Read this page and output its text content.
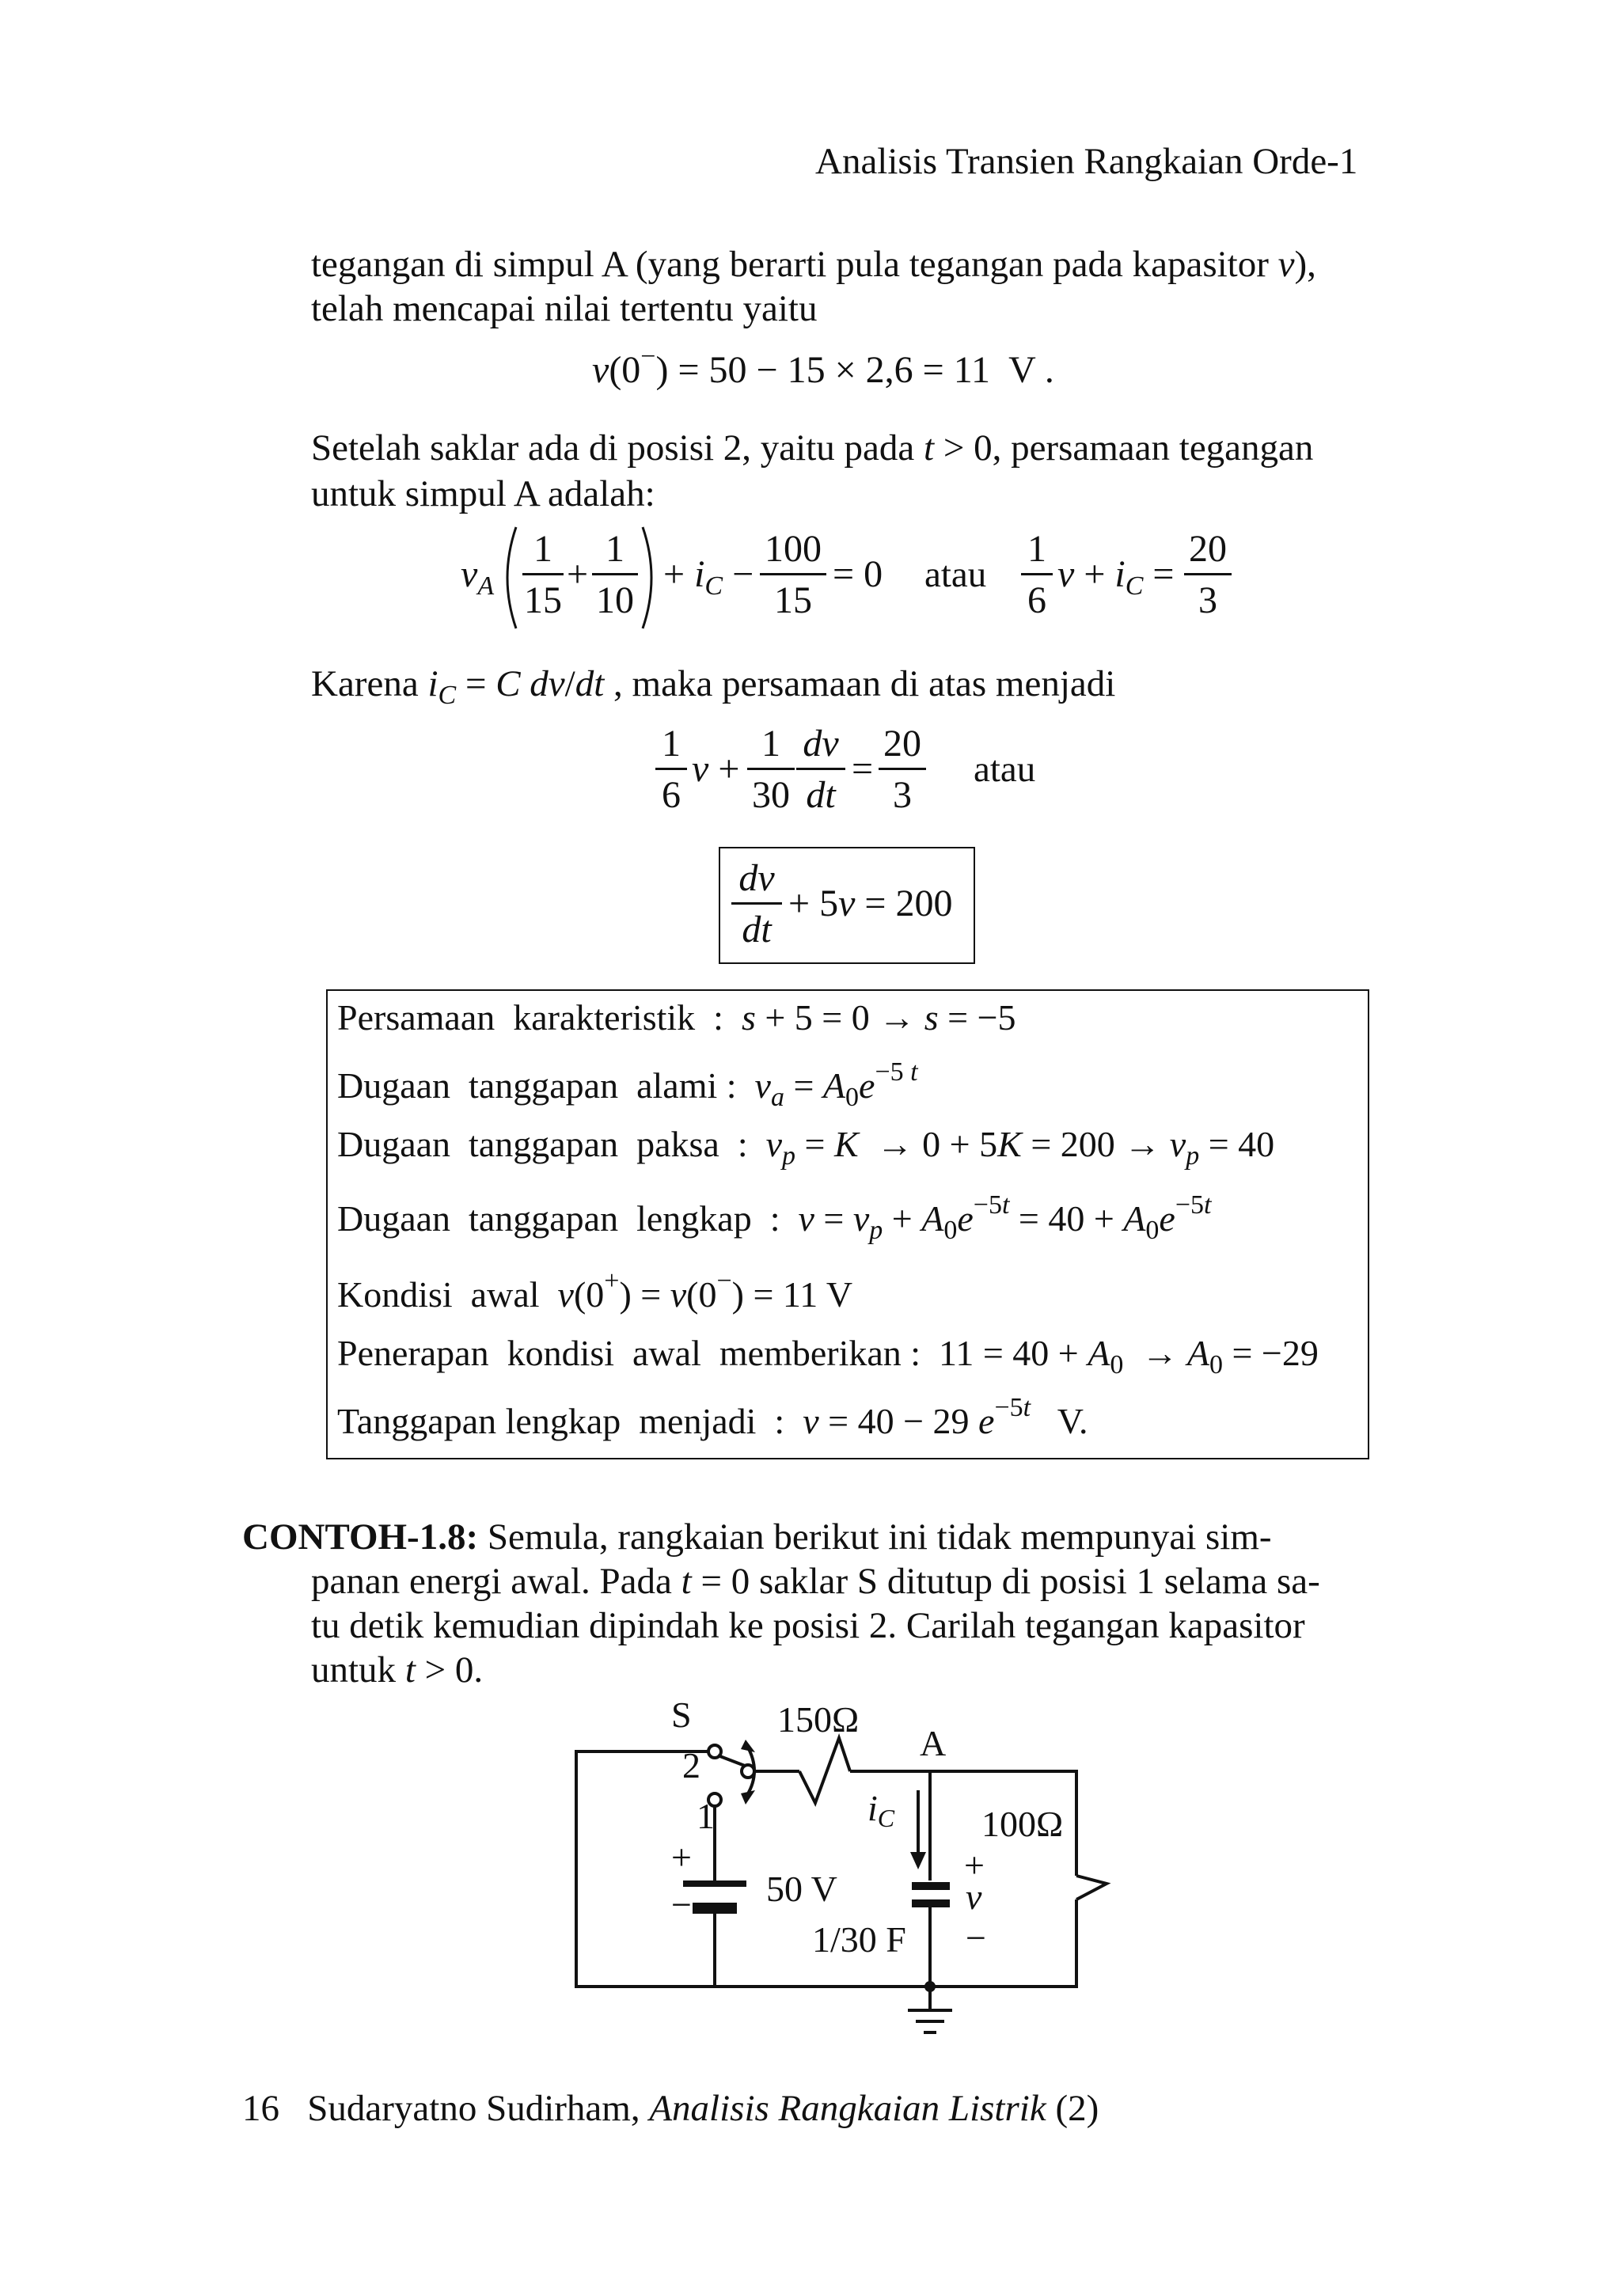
Analisis Transien Rangkaian Orde-1
tegangan di simpul A (yang berarti pula tegangan pada kapasitor v),
telah mencapai nilai tertentu yaitu
v(0−) = 50 − 15 × 2,6 = 11  V .
Setelah saklar ada di posisi 2, yaitu pada t > 0, persamaan tegangan
untuk simpul A adalah:
$v_A \frac{1}{15} + \frac{1}{10} + i_C - \frac{100}{15} = 0$ atau $\frac{1}{6}$ $v + i_C = \frac{20}{3}$
Karena $i_C = C$ dv/dt , maka persamaan di atas menjadi
$\frac{1}{6}$ $v + \frac{1}{30} \frac{dv}{dt} = \frac{20}{3}$ atau
$\frac{dv}{dt} + 5v = 200$
Persamaan  karakteristik  :  s + 5 = 0 → s = −5
Dugaan  tanggapan  alami :  $v_a = A_0e^{-5 t}$
Dugaan  tanggapan  paksa  :  $v_p = K \to 0 + 5K = 200 \to v_p = 40$
Dugaan  tanggapan  lengkap  :  $v = v_p + A_0e^{-5t} = 40 + A_0e^{-5t}$
Kondisi  awal  v(0+) = v(0−) = 11 V
Penerapan  kondisi  awal  memberikan :  $11 = 40 + A_0 \to A_0 = -29$
Tanggapan lengkap  menjadi  :  v = 40 − 29 $e^{-5t}$   V.
CONTOH-1.8: Semula, rangkaian berikut ini tidak mempunyai sim-
panan energi awal. Pada t = 0 saklar S ditutup di posisi 1 selama sa-
tu detik kemudian dipindah ke posisi 2. Carilah tegangan kapasitor
untuk t > 0.
S
2
1
150Ω
A
iC 100Ω
+
− 50 V
1/30 F
+
v
−
16 Sudaryatno Sudirham, Analisis Rangkaian Listrik (2)
